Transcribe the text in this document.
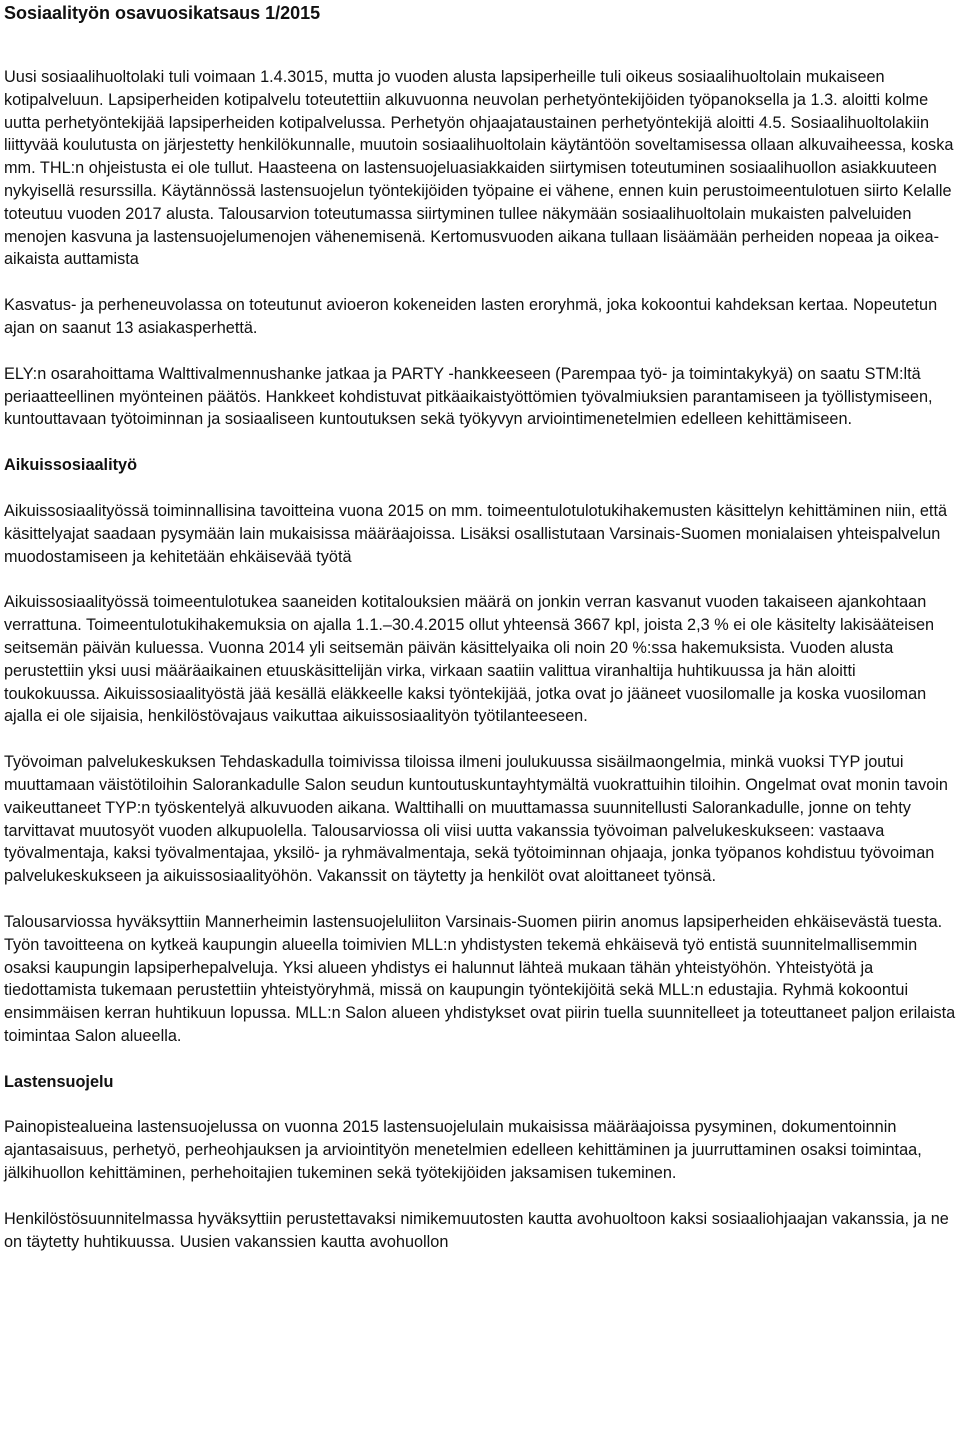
Sosiaalityön osavuosikatsaus 1/2015

Uusi sosiaalihuoltolaki tuli voimaan 1.4.3015, mutta jo vuoden alusta lapsiperheille tuli oikeus sosiaalihuoltolain mukaiseen kotipalveluun. Lapsiperheiden kotipalvelu toteutettiin alkuvuonna neuvolan perhetyöntekijöiden työpanoksella ja 1.3. aloitti kolme uutta perhetyöntekijää lapsiperheiden kotipalvelussa. Perhetyön ohjaajataustainen perhetyöntekijä aloitti 4.5. Sosiaalihuoltolakiin liittyvää koulutusta on järjestetty henkilökunnalle, muutoin sosiaalihuoltolain käytäntöön soveltamisessa ollaan alkuvaiheessa, koska mm. THL:n ohjeistusta ei ole tullut. Haasteena on lastensuojeluasiakkaiden siirtymisen toteutuminen sosiaalihuollon asiakkuuteen nykyisellä resurssilla. Käytännössä lastensuojelun työntekijöiden työpaine ei vähene, ennen kuin perustoimeentulotuen siirto Kelalle toteutuu vuoden 2017 alusta. Talousarvion toteutumassa siirtyminen tullee näkymään sosiaalihuoltolain mukaisten palveluiden menojen kasvuna ja lastensuojelumenojen vähenemisenä. Kertomusvuoden aikana tullaan lisäämään perheiden nopeaa ja oikea-aikaista auttamista

Kasvatus- ja perheneuvolassa on toteutunut avioeron kokeneiden lasten eroryhmä, joka kokoontui kahdeksan kertaa. Nopeutetun ajan on saanut 13 asiakasperhettä.

ELY:n osarahoittama Walttivalmennushanke jatkaa ja PARTY -hankkeeseen (Parempaa työ- ja toimintakykyä) on saatu STM:ltä periaatteellinen myönteinen päätös. Hankkeet kohdistuvat pitkäaikaistyöttömien työvalmiuksien parantamiseen ja työllistymiseen, kuntouttavaan työtoiminnan ja sosiaaliseen kuntoutuksen sekä työkyvyn arviointimenetelmien edelleen kehittämiseen.

Aikuissosiaalityö

Aikuissosiaalityössä toiminnallisina tavoitteina vuona 2015 on mm. toimeentulotulotukihakemusten käsittelyn kehittäminen niin, että käsittelyajat saadaan pysymään lain mukaisissa määräajoissa. Lisäksi osallistutaan Varsinais-Suomen monialaisen yhteispalvelun muodostamiseen ja kehitetään ehkäisevää työtä

Aikuissosiaalityössä toimeentulotukea saaneiden kotitalouksien määrä on jonkin verran kasvanut vuoden takaiseen ajankohtaan verrattuna. Toimeentulotukihakemuksia on ajalla 1.1.–30.4.2015 ollut yhteensä 3667 kpl, joista 2,3 % ei ole käsitelty lakisääteisen seitsemän päivän kuluessa. Vuonna 2014 yli seitsemän päivän käsittelyaika oli noin 20 %:ssa hakemuksista. Vuoden alusta perustettiin yksi uusi määräaikainen etuuskäsittelijän virka, virkaan saatiin valittua viranhaltija huhtikuussa ja hän aloitti toukokuussa. Aikuissosiaalityöstä jää kesällä eläkkeelle kaksi työntekijää, jotka ovat jo jääneet vuosilomalle ja koska vuosiloman ajalla ei ole sijaisia, henkilöstövajaus vaikuttaa aikuissosiaalityön työtilanteeseen.

Työvoiman palvelukeskuksen Tehdaskadulla toimivissa tiloissa ilmeni joulukuussa sisäilmaongelmia, minkä vuoksi TYP joutui muuttamaan väistötiloihin Salorankadulle Salon seudun kuntoutuskuntayhtymältä vuokrattuihin tiloihin. Ongelmat ovat monin tavoin vaikeuttaneet TYP:n työskentelyä alkuvuoden aikana. Walttihalli on muuttamassa suunnitellusti Salorankadulle, jonne on tehty tarvittavat muutosyöt vuoden alkupuolella. Talousarviossa oli viisi uutta vakanssia työvoiman palvelukeskukseen: vastaava työvalmentaja, kaksi työvalmentajaa, yksilö- ja ryhmävalmentaja, sekä työtoiminnan ohjaaja, jonka työpanos kohdistuu työvoiman palvelukeskukseen ja aikuissosiaalityöhön. Vakanssit on täytetty ja henkilöt ovat aloittaneet työnsä.

Talousarviossa hyväksyttiin Mannerheimin lastensuojeluliiton Varsinais-Suomen piirin anomus lapsiperheiden ehkäisevästä tuesta. Työn tavoitteena on kytkeä kaupungin alueella toimivien MLL:n yhdistysten tekemä ehkäisevä työ entistä suunnitelmallisemmin osaksi kaupungin lapsiperhepalveluja. Yksi alueen yhdistys ei halunnut lähteä mukaan tähän yhteistyöhön. Yhteistyötä ja tiedottamista tukemaan perustettiin yhteistyöryhmä, missä on kaupungin työntekijöitä sekä MLL:n edustajia. Ryhmä kokoontui ensimmäisen kerran huhtikuun lopussa. MLL:n Salon alueen yhdistykset ovat piirin tuella suunnitelleet ja toteuttaneet paljon erilaista toimintaa Salon alueella.

Lastensuojelu

Painopistealueina lastensuojelussa on vuonna 2015 lastensuojelulain mukaisissa määräajoissa pysyminen, dokumentoinnin ajantasaisuus, perhetyö, perheohjauksen ja arviointityön menetelmien edelleen kehittäminen ja juurruttaminen osaksi toimintaa, jälkihuollon kehittäminen, perhehoitajien tukeminen sekä työtekijöiden jaksamisen tukeminen.

Henkilöstösuunnitelmassa hyväksyttiin perustettavaksi nimikemuutosten kautta avohuoltoon kaksi sosiaaliohjaajan vakanssia, ja ne on täytetty huhtikuussa. Uusien vakanssien kautta avohuollon
